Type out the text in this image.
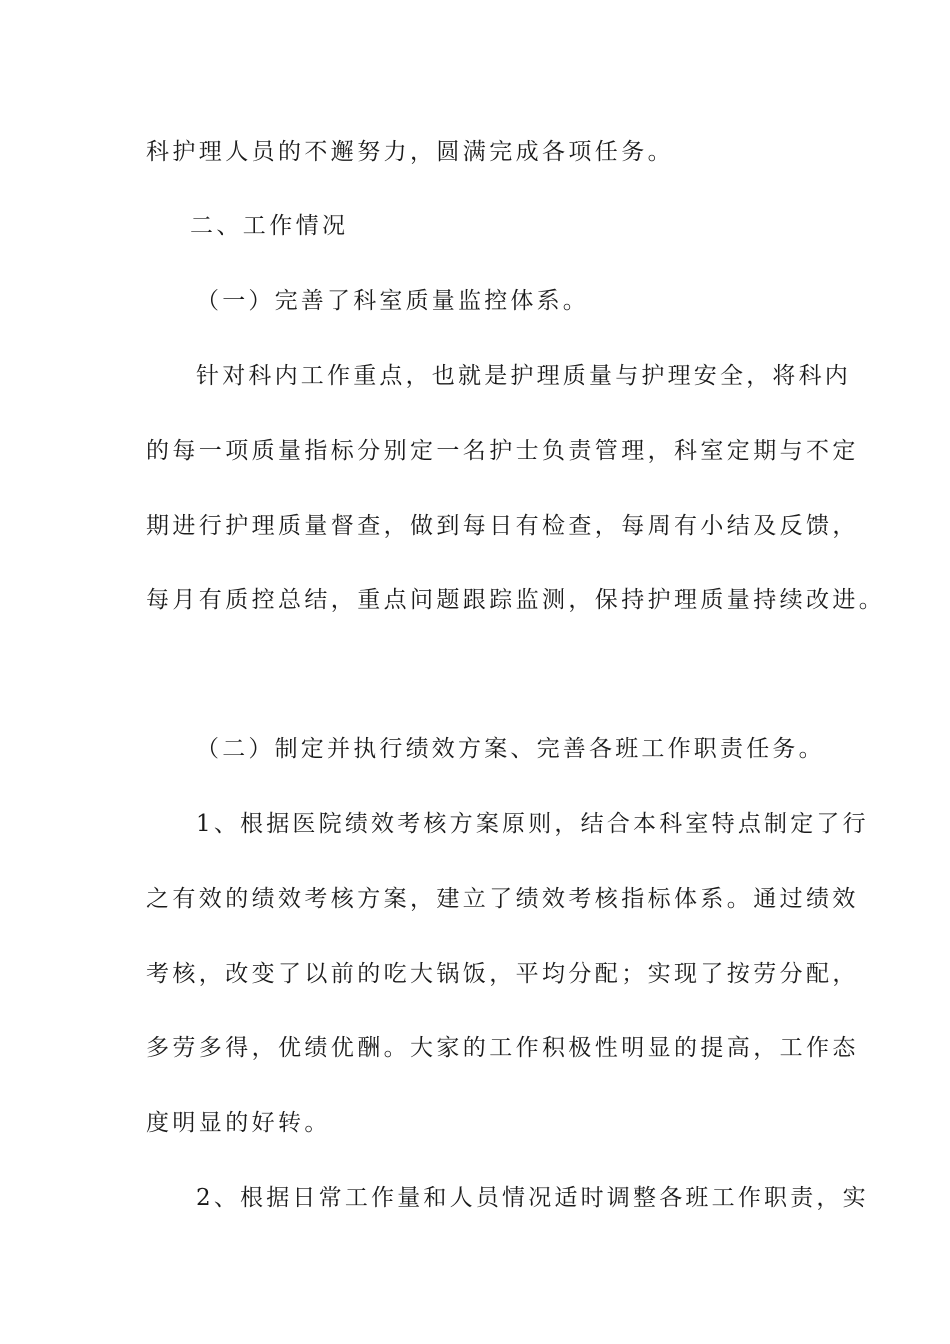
科护理人员的不邂努力，圆满完成各项任务。
二、工作情况
（一）完善了科室质量监控体系。
针对科内工作重点，也就是护理质量与护理安全，将科内
的每一项质量指标分别定一名护士负责管理，科室定期与不定
期进行护理质量督查，做到每日有检查，每周有小结及反馈，
每月有质控总结，重点问题跟踪监测，保持护理质量持续改进。
（二）制定并执行绩效方案、完善各班工作职责任务。
1、根据医院绩效考核方案原则，结合本科室特点制定了行
之有效的绩效考核方案，建立了绩效考核指标体系。通过绩效
考核，改变了以前的吃大锅饭，平均分配；实现了按劳分配，
多劳多得，优绩优酬。大家的工作积极性明显的提高，工作态
度明显的好转。
2、根据日常工作量和人员情况适时调整各班工作职责，实
